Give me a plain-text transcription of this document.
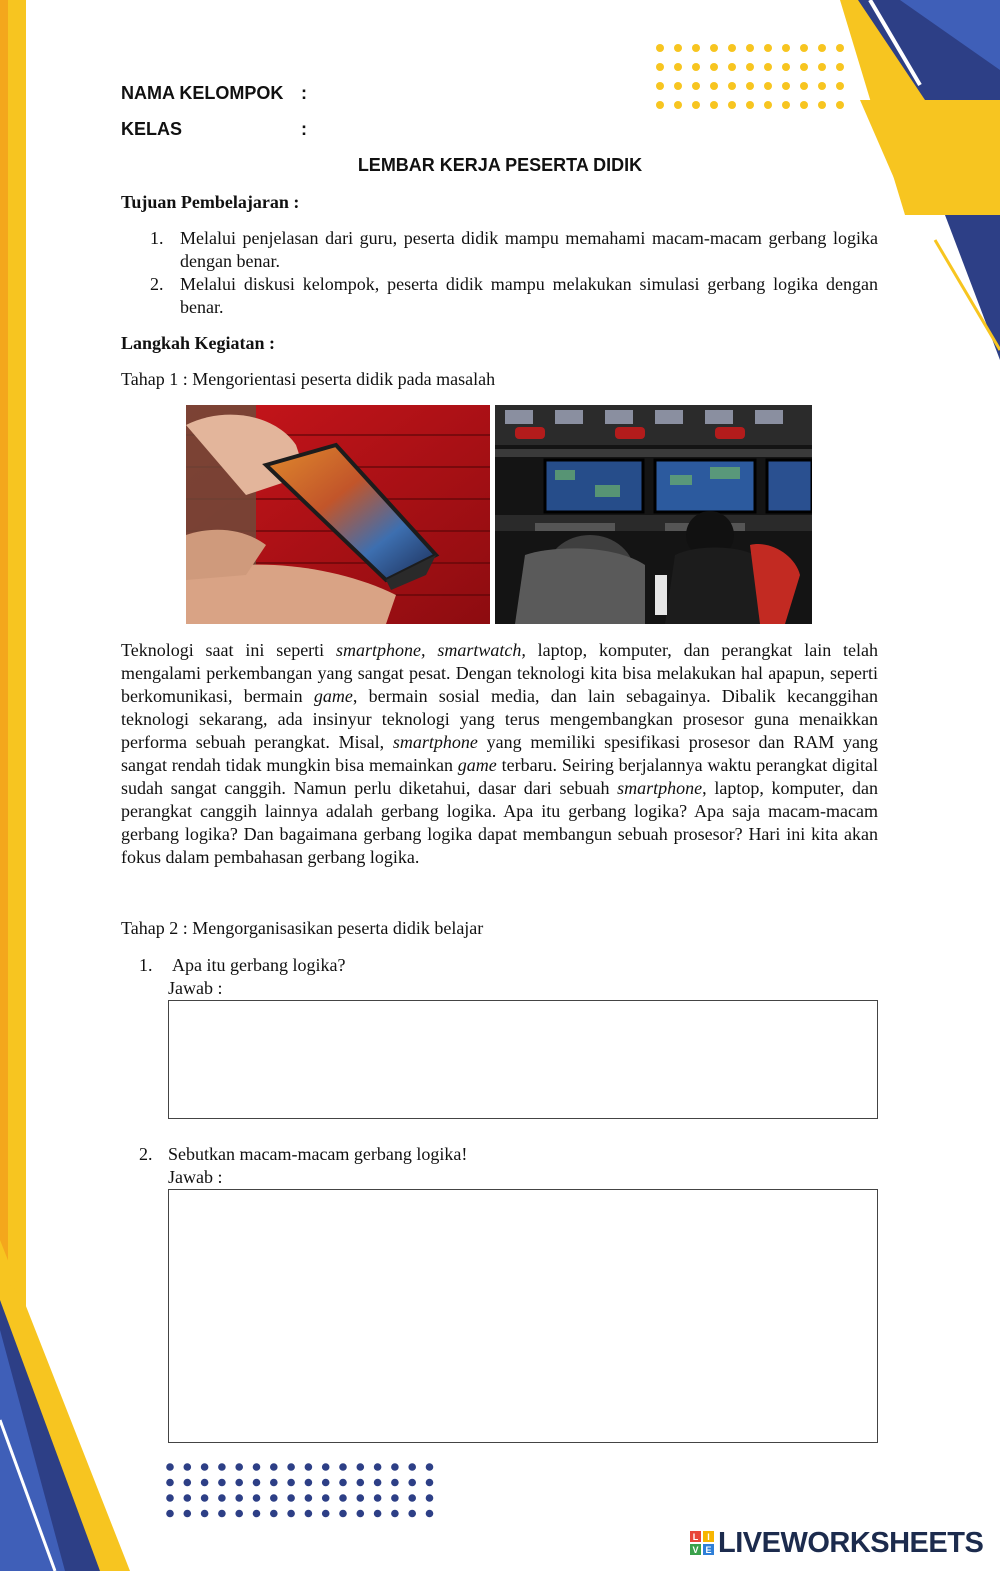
NAMA KELOMPOK :
KELAS	:
LEMBAR KERJA PESERTA DIDIK
Tujuan Pembelajaran :
1. Melalui penjelasan dari guru, peserta didik mampu memahami macam-macam gerbang logika dengan benar.
2. Melalui diskusi kelompok, peserta didik mampu melakukan simulasi gerbang logika dengan benar.
Langkah Kegiatan :
Tahap 1 : Mengorientasi peserta didik pada masalah

Teknologi saat ini seperti smartphone, smartwatch, laptop, komputer, dan perangkat lain telah mengalami perkembangan yang sangat pesat. Dengan teknologi kita bisa melakukan hal apapun, seperti berkomunikasi, bermain game, bermain sosial media, dan lain sebagainya. Dibalik kecanggihan teknologi sekarang, ada insinyur teknologi yang terus mengembangkan prosesor guna menaikkan performa sebuah perangkat. Misal, smartphone yang memiliki spesifikasi prosesor dan RAM yang sangat rendah tidak mungkin bisa memainkan game terbaru. Seiring berjalannya waktu perangkat digital sudah sangat canggih. Namun perlu diketahui, dasar dari sebuah smartphone, laptop, komputer, dan perangkat canggih lainnya adalah gerbang logika. Apa itu gerbang logika? Apa saja macam-macam gerbang logika? Dan bagaimana gerbang logika dapat membangun sebuah prosesor? Hari ini kita akan fokus dalam pembahasan gerbang logika.

Tahap 2 : Mengorganisasikan peserta didik belajar
1. Apa itu gerbang logika?
Jawab :
2. Sebutkan macam-macam gerbang logika!
Jawab :
L I
V E LIVEWORKSHEETS
